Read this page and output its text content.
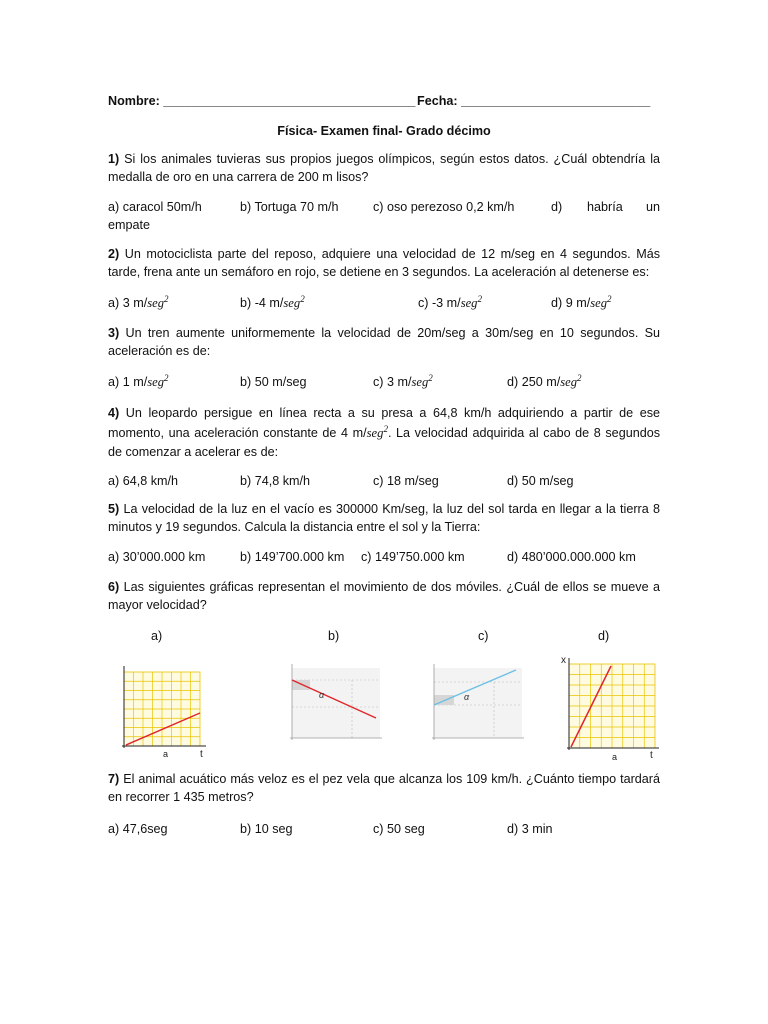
Nombre: ____________________________________ Fecha: ___________________________
Física- Examen final- Grado décimo
1) Si los animales tuvieras sus propios juegos olímpicos, según estos datos. ¿Cuál obtendría la medalla de oro en una carrera de 200 m lisos?
a) caracol 50m/h	b) Tortuga 70 m/h	c) oso perezoso 0,2 km/h	d) habría un
empate
2) Un motociclista parte del reposo, adquiere una velocidad de 12 m/seg en 4 segundos. Más tarde, frena ante un semáforo en rojo, se detiene en 3 segundos. La aceleración al detenerse es:
a) 3 m/seg$^2$	b) -4 m/seg$^2$	c) -3 m/seg$^2$	d) 9 m/seg$^2$
3) Un tren aumente uniformemente la velocidad de 20m/seg a 30m/seg en 10 segundos. Su aceleración es de:
a) 1 m/seg$^2$	b) 50 m/seg	c) 3 m/seg$^2$	d) 250 m/seg$^2$
4) Un leopardo persigue en línea recta a su presa a 64,8 km/h adquiriendo a partir de ese
momento, una aceleración constante de 4 m/seg$^2$. La velocidad adquirida al cabo de 8 segundos
de comenzar a acelerar es de:
a) 64,8 km/h	b) 74,8 km/h	c) 18 m/seg	d) 50 m/seg
5) La velocidad de la luz en el vacío es 300000 Km/seg, la luz del sol tarda en llegar a la tierra 8 minutos y 19 segundos. Calcula la distancia entre el sol y la Tierra:
a) 30’000.000 km	b) 149’700.000 km c) 149’750.000 km	d) 480’000.000.000 km
6) Las siguientes gráficas representan el movimiento de dos móviles. ¿Cuál de ellos se mueve a mayor velocidad?
a)	b)	c)	d)
a	t
α	α
x
a	t
7) El animal acuático más veloz es el pez vela que alcanza los 109 km/h. ¿Cuánto tiempo tardará en recorrer 1 435 metros?
a) 47,6seg	b) 10 seg	c) 50 seg	d) 3 min
